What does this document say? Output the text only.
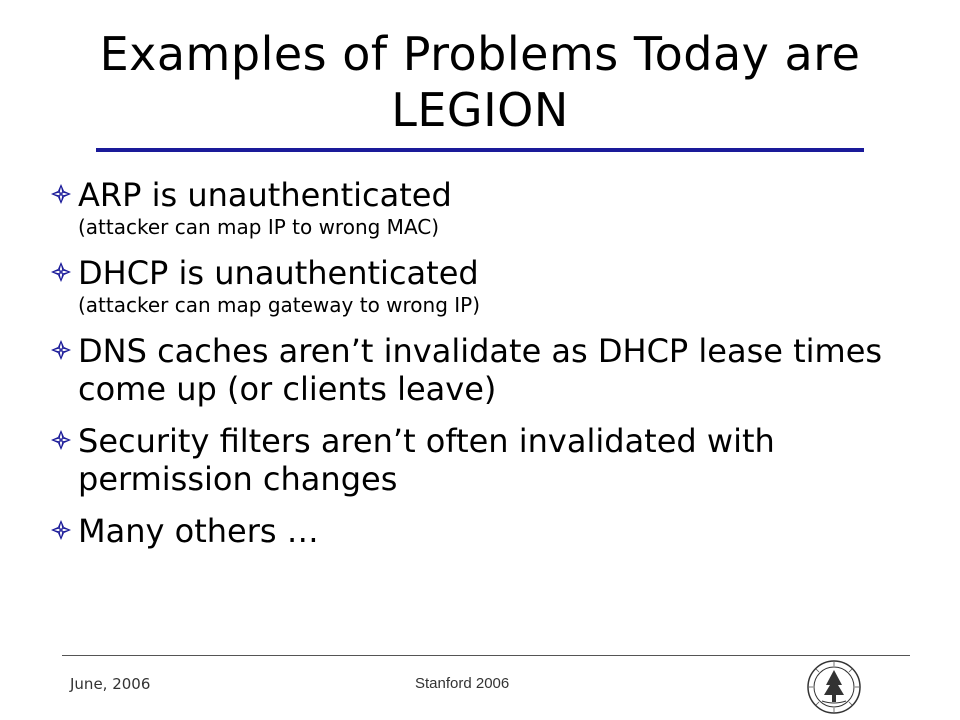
Examples of Problems Today are LEGION
ARP is unauthenticated
(attacker can map IP to wrong MAC)
DHCP is unauthenticated
(attacker can map gateway to wrong IP)
DNS caches aren’t invalidate as DHCP lease times come up (or clients leave)
Security filters aren’t often invalidated with permission changes
Many others …
June, 2006	Stanford 2006
